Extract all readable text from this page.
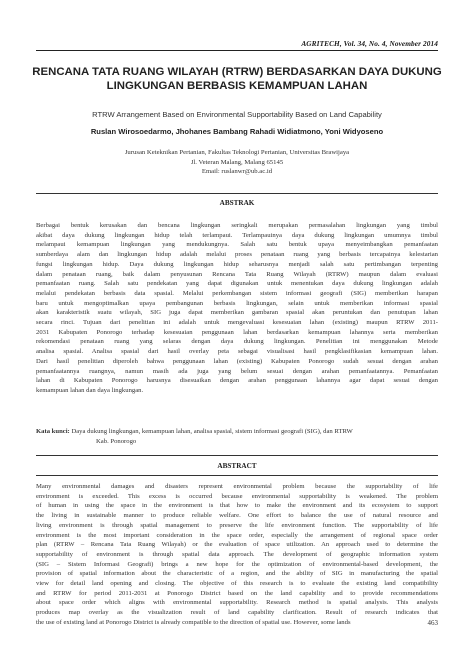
AGRITECH, Vol. 34, No. 4, November 2014
RENCANA TATA RUANG WILAYAH (RTRW) BERDASARKAN DAYA DUKUNG
LINGKUNGAN BERBASIS KEMAMPUAN LAHAN
RTRW Arrangement Based on Environmental Supportability Based on Land Capability
Ruslan Wirosoedarmo, Jhohanes Bambang Rahadi Widiatmono, Yoni Widyoseno
Jurusan Keteknikan Pertanian, Fakultas Teknologi Pertanian, Universitas Brawijaya
Jl. Veteran Malang, Malang 65145
Email: ruslanwr@ub.ac.id
ABSTRAK
Berbagai bentuk kerusakan dan bencana lingkungan seringkali merupakan permasalahan lingkungan yang timbul
akibat daya dukung lingkungan hidup telah terlampaui. Terlampauinya daya dukung lingkungan umumnya timbul
melampaui kemampuan lingkungan yang mendukungnya. Salah satu bentuk upaya menyeimbangkan pemanfaatan
sumberdaya alam dan lingkungan hidup adalah melalui proses penataan ruang yang berbasis tercapainya kelestarian
fungsi lingkungan hidup. Daya dukung lingkungan hidup seharusnya menjadi salah satu pertimbangan terpenting
dalam penataan ruang, baik dalam penyusunan Rencana Tata Ruang Wilayah (RTRW) maupun dalam evaluasi
pemanfaatan ruang. Salah satu pendekatan yang dapat digunakan untuk menentukan daya dukung lingkungan adalah
melalui pendekatan berbasis data spasial. Melalui perkembangan sistem informasi geografi (SIG) memberikan harapan
baru untuk mengoptimalkan upaya pembangunan berbasis lingkungan, selain untuk memberikan informasi spasial
akan karakteristik suatu wilayah, SIG juga dapat memberikan gambaran spasial akan peruntukan dan penutupan lahan
secara rinci. Tujuan dari penelitian ini adalah untuk mengevaluasi kesesuaian lahan (existing) maupun RTRW 2011-
2031 Kabupaten Ponorogo terhadap kesesuaian penggunaan lahan berdasarkan kemampuan lahannya serta memberikan
rekomendasi penataan ruang yang selaras dengan daya dukung lingkungan. Penelitian ini menggunakan Metode
analisa spasial. Analisa spasial dari hasil overlay peta sebagai visualisasi hasil pengklasifikasian kemampuan lahan.
Dari hasil penelitian diperoleh bahwa penggunaan lahan (existing) Kabupaten Ponorogo sudah sesuai dengan arahan
pemanfaatannya ruangnya, namun masih ada juga yang belum sesuai dengan arahan pemanfaatannya. Pemanfaatan
lahan di Kabupaten Ponorogo harusnya disesuaikan dengan arahan penggunaan lahannya agar dapat sesuai dengan
kemampuan lahan dan daya lingkungan.
Kata kunci: Daya dukung lingkungan, kemampuan lahan, analisa spasial, sistem informasi geografi (SIG), dan RTRW
Kab. Ponorogo
ABSTRACT
Many environmental damages and disasters represent environmental problem because the supportability of life
environment is exceeded. This excess is occurred because environmental supportability is weakened. The problem
of human in using the space in the environment is that how to make the environment and its ecosystem to support
the living in sustainable manner to produce reliable welfare. One effort to balance the use of natural resource and
living environment is through spatial management to preserve the life environment function. The supportability of life
environment is the most important consideration in the space order, especially the arrangement of regional space order
plan (RTRW – Rencana Tata Ruang Wilayah) or the evaluation of space utilization. An approach used to determine the
supportability of environment is through spatial data approach. The development of geographic information system
(SIG – Sistem Informasi Geografi) brings a new hope for the optimization of environmental-based development, the
provision of spatial information about the characteristic of a region, and the ability of SIG in manufacturing the spatial
view for detail land opening and closing. The objective of this research is to evaluate the existing land compatibility
and RTRW for period 2011-2031 at Ponorogo District based on the land capability and to provide recommendations
about space order which aligns with environmental supportability. Research method is spatial analysis. This analysis
produces map overlay as the visualization result of land capability clarification. Result of research indicates that
the use of existing land at Ponorogo District is already compatible to the direction of spatial use. However, some lands	463
